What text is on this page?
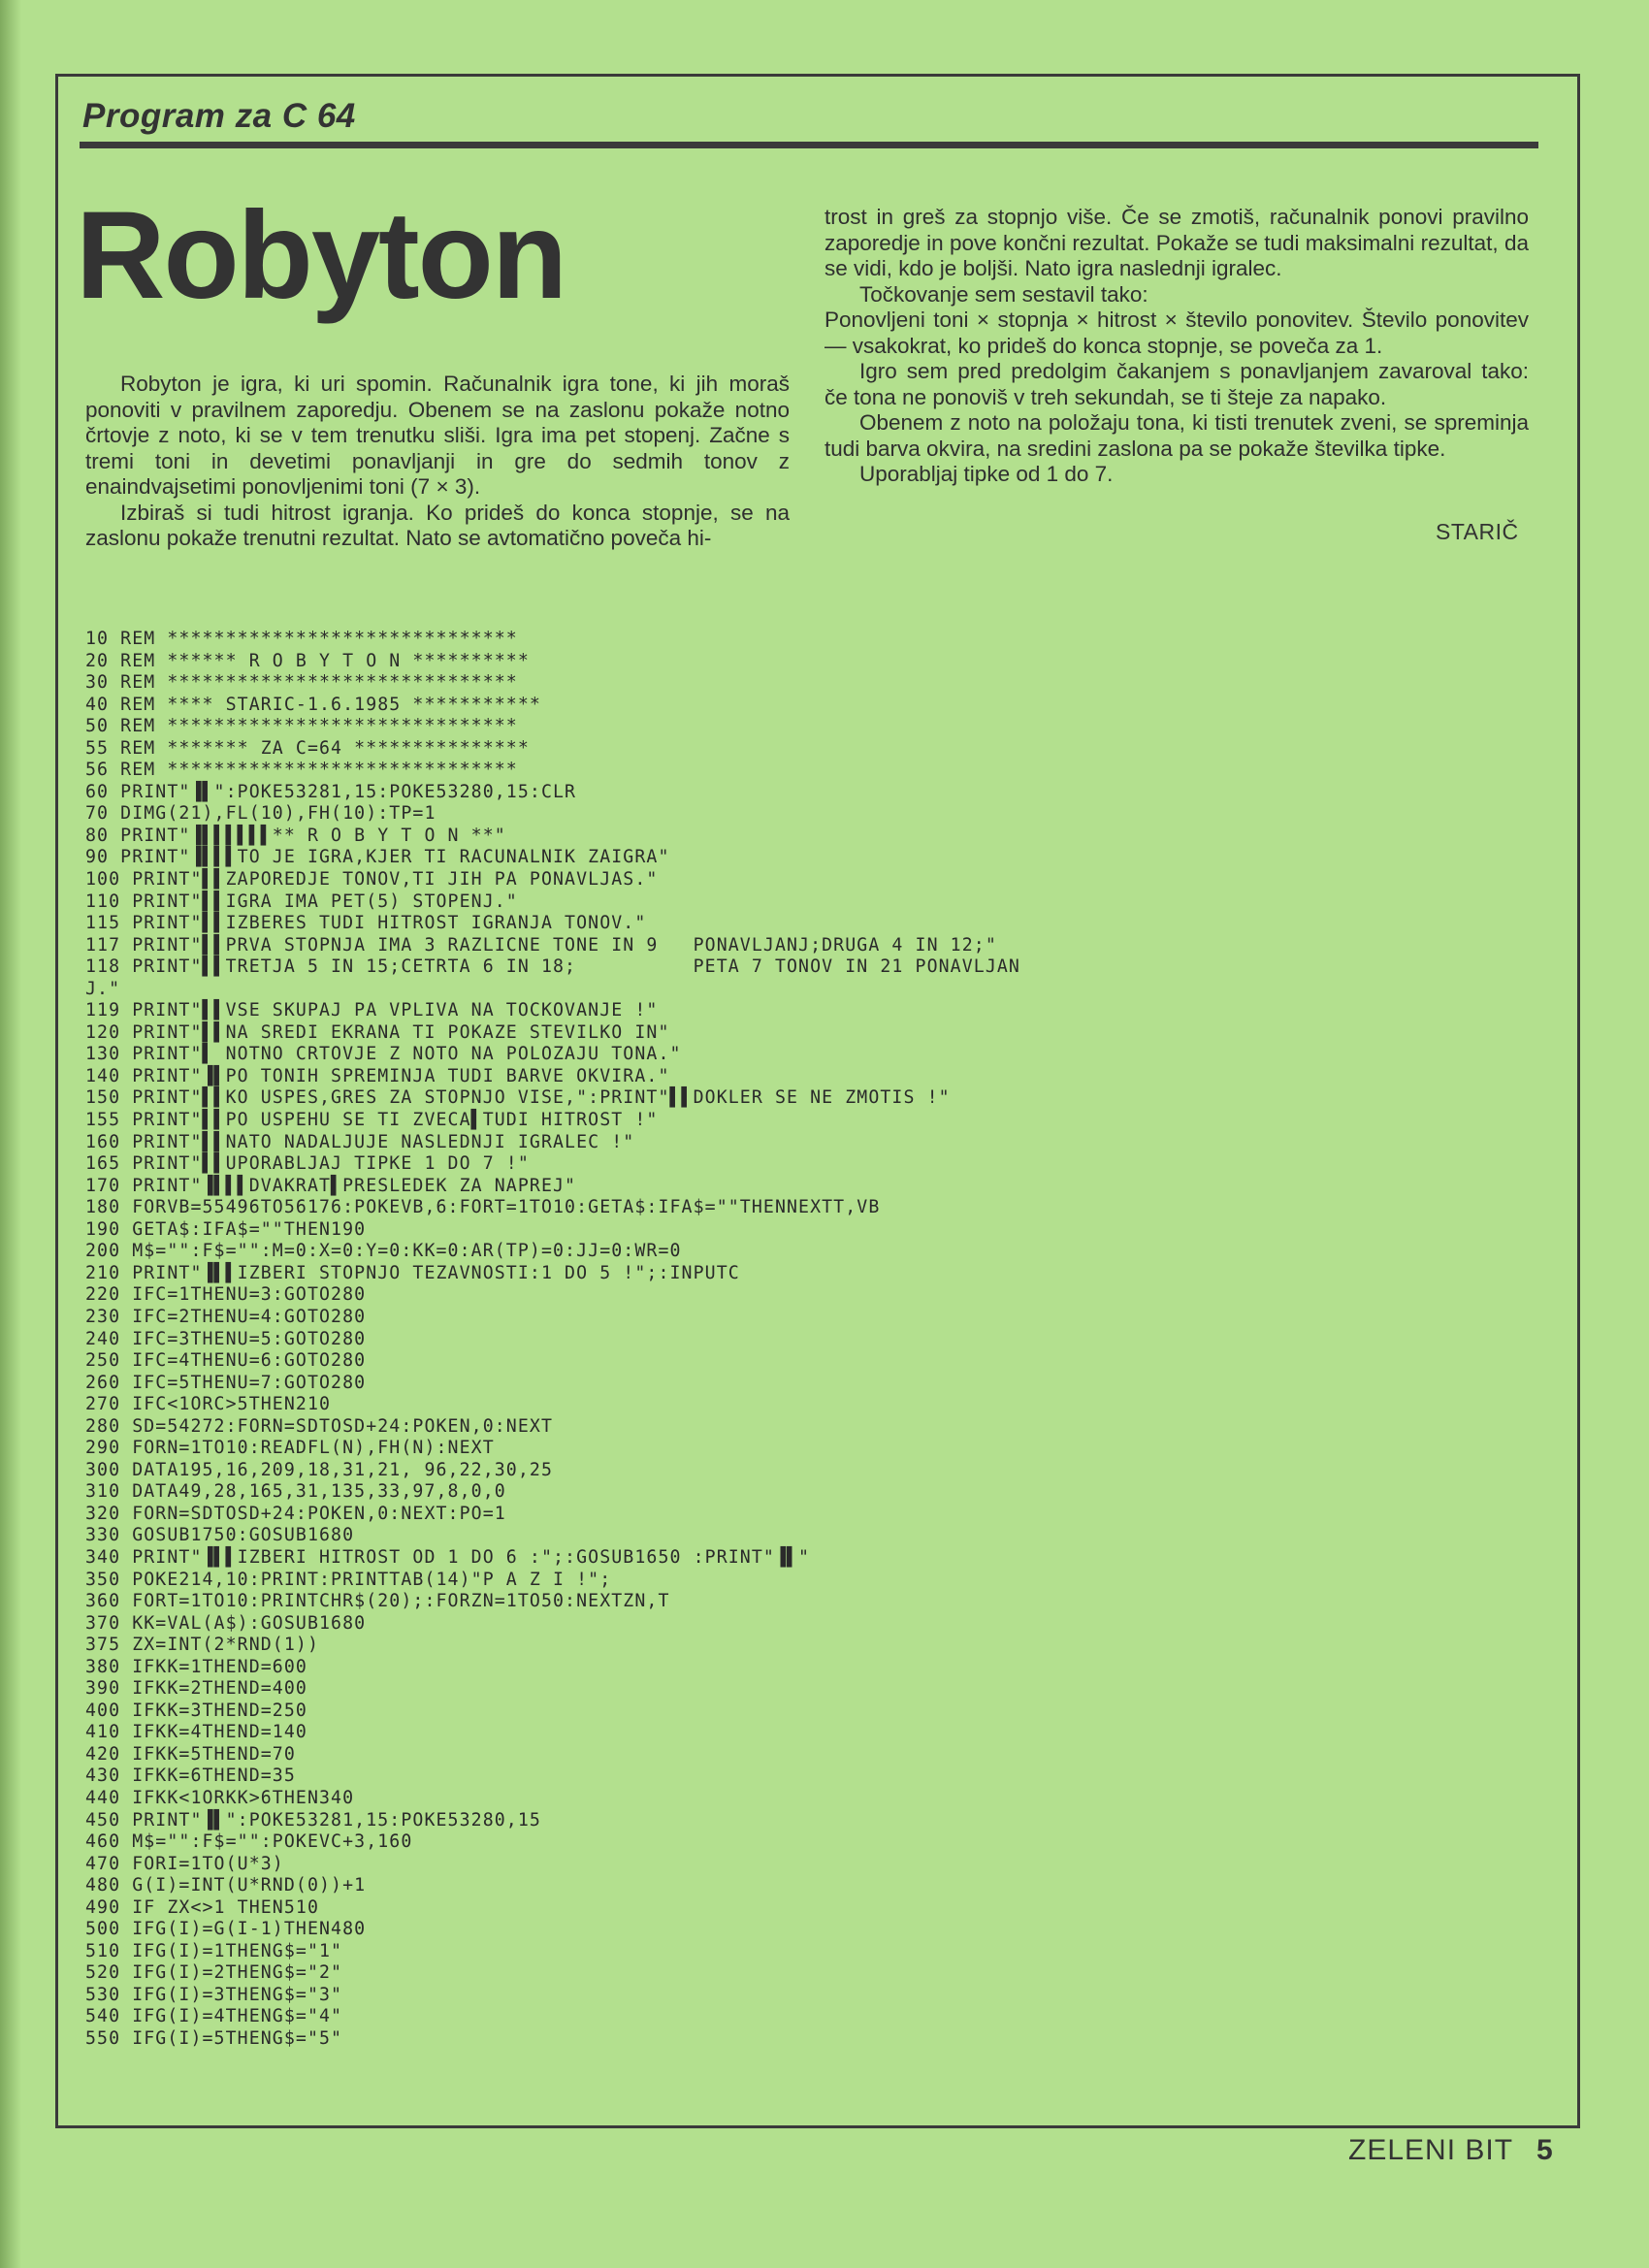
Program za C 64
Robyton

Robyton je igra, ki uri spomin. Računalnik igra tone, ki jih moraš ponoviti v pravilnem zaporedju. Obenem se na zaslonu pokaže notno črtovje z noto, ki se v tem trenutku sliši. Igra ima pet stopenj. Začne s tremi toni in devetimi ponavljanji in gre do sedmih tonov z enaindvajsetimi ponovljenimi toni (7 × 3).

Izbiraš si tudi hitrost igranja. Ko prideš do konca stopnje, se na zaslonu pokaže trenutni rezultat. Nato se avtomatično poveča hi-

trost in greš za stopnjo više. Če se zmotiš, računalnik ponovi pravilno zaporedje in pove končni rezultat. Pokaže se tudi maksimalni rezultat, da se vidi, kdo je boljši. Nato igra naslednji igralec.

Točkovanje sem sestavil tako:

Ponovljeni toni × stopnja × hitrost × število ponovitev. Število ponovitev — vsakokrat, ko prideš do konca stopnje, se poveča za 1.

Igro sem pred predolgim čakanjem s ponavljanjem zavaroval tako: če tona ne ponoviš v treh sekundah, se ti šteje za napako.

Obenem z noto na položaju tona, ki tisti trenutek zveni, se spreminja tudi barva okvira, na sredini zaslona pa se pokaže številka tipke.

Uporabljaj tipke od 1 do 7.

STARIČ
10 REM ******************************
20 REM ****** R O B Y T O N **********
30 REM ******************************
40 REM **** STARIC-1.6.1985 ***********
50 REM ******************************
55 REM ******* ZA C=64 ***************
56 REM ******************************
60 PRINT"▐▌":POKE53281,15:POKE53280,15:CLR
70 DIMG(21),FL(10),FH(10):TP=1
80 PRINT"▐▌▌▌▌▌▌** R O B Y T O N **"
90 PRINT"▐▌▌▌TO JE IGRA,KJER TI RACUNALNIK ZAIGRA"
100 PRINT"▌▌ZAPOREDJE TONOV,TI JIH PA PONAVLJAS."
110 PRINT"▌▌IGRA IMA PET(5) STOPENJ."
115 PRINT"▌▌IZBERES TUDI HITROST IGRANJA TONOV."
117 PRINT"▌▌PRVA STOPNJA IMA 3 RAZLICNE TONE IN 9   PONAVLJANJ;DRUGA 4 IN 12;"
118 PRINT"▌▌TRETJA 5 IN 15;CETRTA 6 IN 18;          PETA 7 TONOV IN 21 PONAVLJAN
J."
119 PRINT"▌▌VSE SKUPAJ PA VPLIVA NA TOCKOVANJE !"
120 PRINT"▌▌NA SREDI EKRANA TI POKAZE STEVILKO IN"
130 PRINT"▌ NOTNO CRTOVJE Z NOTO NA POLOZAJU TONA."
140 PRINT"▐▌PO TONIH SPREMINJA TUDI BARVE OKVIRA."
150 PRINT"▌▌KO USPES,GRES ZA STOPNJO VISE,":PRINT"▌▌DOKLER SE NE ZMOTIS !"
155 PRINT"▌▌PO USPEHU SE TI ZVECA▌TUDI HITROST !"
160 PRINT"▌▌NATO NADALJUJE NASLEDNJI IGRALEC !"
165 PRINT"▌▌UPORABLJAJ TIPKE 1 DO 7 !"
170 PRINT"▐▌▌▌DVAKRAT▌PRESLEDEK ZA NAPREJ"
180 FORVB=55496TO56176:POKEVB,6:FORT=1TO10:GETA$:IFA$=""THENNEXTT,VB
190 GETA$:IFA$=""THEN190
200 M$="":F$="":M=0:X=0:Y=0:KK=0:AR(TP)=0:JJ=0:WR=0
210 PRINT"▐▌▌IZBERI STOPNJO TEZAVNOSTI:1 DO 5 !";:INPUTC
220 IFC=1THENU=3:GOTO280
230 IFC=2THENU=4:GOTO280
240 IFC=3THENU=5:GOTO280
250 IFC=4THENU=6:GOTO280
260 IFC=5THENU=7:GOTO280
270 IFC<1ORC>5THEN210
280 SD=54272:FORN=SDTOSD+24:POKEN,0:NEXT
290 FORN=1TO10:READFL(N),FH(N):NEXT
300 DATA195,16,209,18,31,21, 96,22,30,25
310 DATA49,28,165,31,135,33,97,8,0,0
320 FORN=SDTOSD+24:POKEN,0:NEXT:PO=1
330 GOSUB1750:GOSUB1680
340 PRINT"▐▌▌IZBERI HITROST OD 1 DO 6 :";:GOSUB1650 :PRINT"▐▌"
350 POKE214,10:PRINT:PRINTTAB(14)"P A Z I !";
360 FORT=1TO10:PRINTCHR$(20);:FORZN=1TO50:NEXTZN,T
370 KK=VAL(A$):GOSUB1680
375 ZX=INT(2*RND(1))
380 IFKK=1THEND=600
390 IFKK=2THEND=400
400 IFKK=3THEND=250
410 IFKK=4THEND=140
420 IFKK=5THEND=70
430 IFKK=6THEND=35
440 IFKK<1ORKK>6THEN340
450 PRINT"▐▌":POKE53281,15:POKE53280,15
460 M$="":F$="":POKEVC+3,160
470 FORI=1TO(U*3)
480 G(I)=INT(U*RND(0))+1
490 IF ZX<>1 THEN510
500 IFG(I)=G(I-1)THEN480
510 IFG(I)=1THENG$="1"
520 IFG(I)=2THENG$="2"
530 IFG(I)=3THENG$="3"
540 IFG(I)=4THENG$="4"
550 IFG(I)=5THENG$="5"
ZELENI BIT 5
